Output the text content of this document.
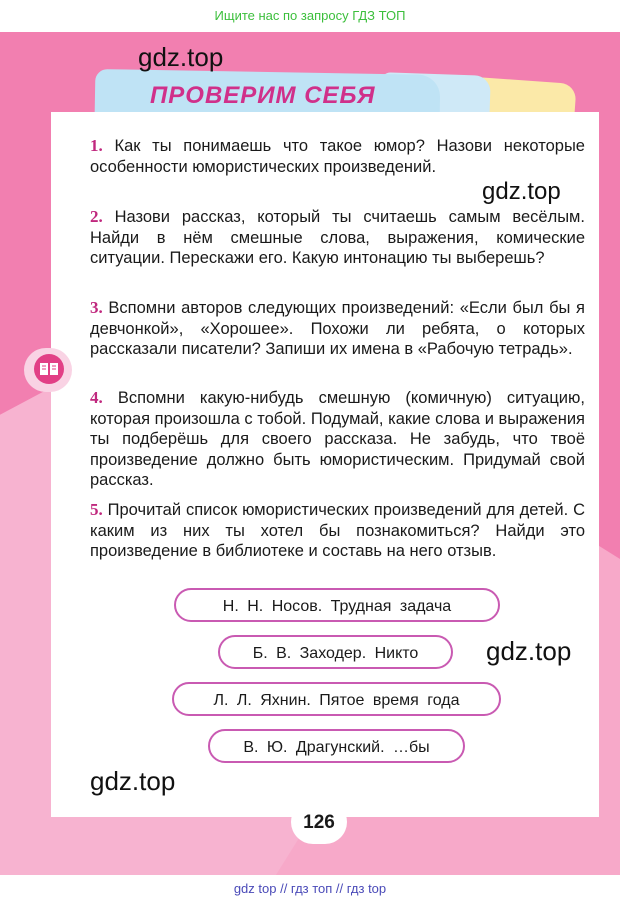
Ищите нас по запросу ГДЗ ТОП
ПРОВЕРИМ СЕБЯ
1. Как ты понимаешь что такое юмор? Назови некоторые особенности юмористических произведений.
2. Назови рассказ, который ты считаешь самым весёлым. Найди в нём смешные слова, выражения, комические ситуации. Перескажи его. Какую интонацию ты выберешь?
3. Вспомни авторов следующих произведений: «Если был бы я девчонкой», «Хорошее». Похожи ли ребята, о которых рассказали писатели? Запиши их имена в «Рабочую тетрадь».
4. Вспомни какую-нибудь смешную (комичную) ситуацию, которая произошла с тобой. Подумай, какие слова и выражения ты подберёшь для своего рассказа. Не забудь, что твоё произведение должно быть юмористическим. Придумай свой рассказ.
5. Прочитай список юмористических произведений для детей. С каким из них ты хотел бы познакомиться? Найди это произведение в библиотеке и составь на него отзыв.
Н. Н. Носов. Трудная задача
Б. В. Заходер. Никто
Л. Л. Яхнин. Пятое время года
В. Ю. Драгунский. …бы
gdz.top
gdz.top
gdz.top
gdz.top
126
gdz top // гдз топ // гдз top
